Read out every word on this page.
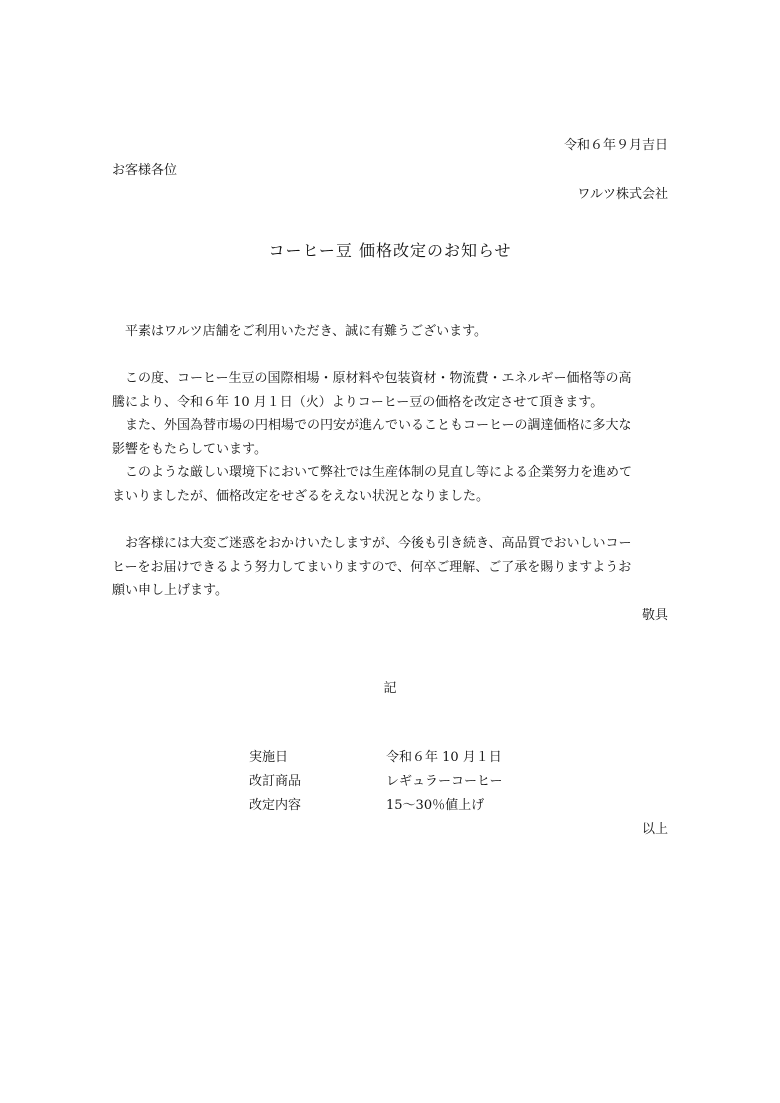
令和６年９月吉日
お客様各位
ワルツ株式会社
コーヒー豆 価格改定のお知らせ
平素はワルツ店舗をご利用いただき、誠に有難うございます。
この度、コーヒー生豆の国際相場・原材料や包装資材・物流費・エネルギー価格等の高
騰により、令和６年 10 月１日（火）よりコーヒー豆の価格を改定させて頂きます。
また、外国為替市場の円相場での円安が進んでいることもコーヒーの調達価格に多大な
影響をもたらしています。
このような厳しい環境下において弊社では生産体制の見直し等による企業努力を進めて
まいりましたが、価格改定をせざるをえない状況となりました。
お客様には大変ご迷惑をおかけいたしますが、今後も引き続き、高品質でおいしいコー
ヒーをお届けできるよう努力してまいりますので、何卒ご理解、ご了承を賜りますようお
願い申し上げます。
敬具
記
実施日	令和６年 10 月１日
改訂商品	レギュラーコーヒー
改定内容	15～30％値上げ
以上
